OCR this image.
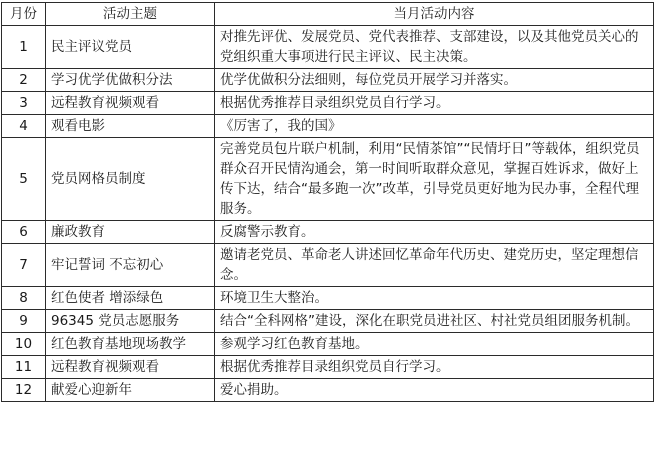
月份	活动主题	当月活动内容
1	民主评议党员	对推先评优、发展党员、党代表推荐、支部建设，以及其他党员关心的党组织重大事项进行民主评议、民主决策。
2	学习优学优做积分法	优学优做积分法细则，每位党员开展学习并落实。
3	远程教育视频观看	根据优秀推荐目录组织党员自行学习。
4	观看电影	《厉害了，我的国》
5	党员网格员制度	完善党员包片联户机制，利用“民情茶馆”“民情圩日”等载体，组织党员群众召开民情沟通会，第一时间听取群众意见，掌握百姓诉求，做好上传下达，结合“最多跑一次”改革，引导党员更好地为民办事，全程代理服务。
6	廉政教育	反腐警示教育。
7	牢记誓词 不忘初心	邀请老党员、革命老人讲述回忆革命年代历史、建党历史，坚定理想信念。
8	红色使者 增添绿色	环境卫生大整治。
9	96345 党员志愿服务	结合“全科网格”建设，深化在职党员进社区、村社党员组团服务机制。
10	红色教育基地现场教学	参观学习红色教育基地。
11	远程教育视频观看	根据优秀推荐目录组织党员自行学习。
12	献爱心迎新年	爱心捐助。
